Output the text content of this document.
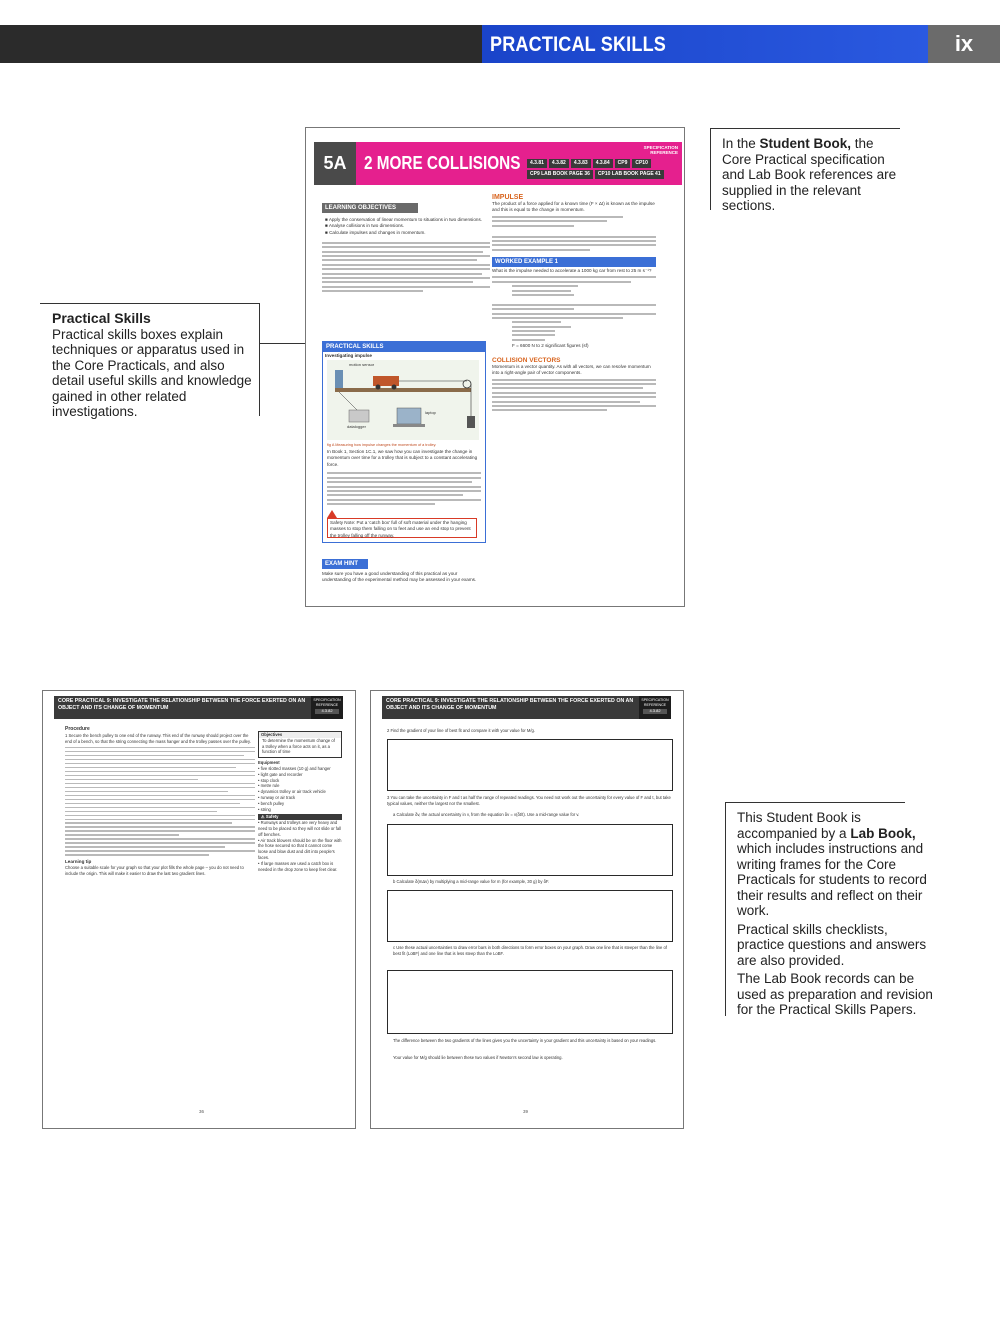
PRACTICAL SKILLS	ix
In the Student Book, the Core Practical specification and Lab Book references are supplied in the relevant sections.
Practical Skills
Practical skills boxes explain techniques or apparatus used in the Core Practicals, and also detail useful skills and knowledge gained in other related investigations.
This Student Book is accompanied by a Lab Book, which includes instructions and writing frames for the Core Practicals for students to record their results and reflect on their work.
Practical skills checklists, practice questions and answers are also provided.
The Lab Book records can be used as preparation and revision for the Practical Skills Papers.
5A 2 MORE COLLISIONS
SPECIFICATION REFERENCE
4.3.81	4.3.82	4.3.83	4.3.84	CP9	CP10
CP9 LAB BOOK PAGE 36	CP10 LAB BOOK PAGE 41
LEARNING OBJECTIVES
■ Apply the conservation of linear momentum to situations in two dimensions.
■ Analyse collisions in two dimensions.
■ Calculate impulses and changes in momentum.
PRACTICAL SKILLS
Investigating impulse
motion sensor
datalogger
laptop
fig A Measuring how impulse changes the momentum of a trolley.
In Book 1, Section 1C.1, we saw how you can investigate the change in momentum over time for a trolley that is subject to a constant accelerating force.
Safety Note: Put a 'catch box' full of soft material under the hanging masses to stop them falling on to feet and use an end stop to prevent the trolley falling off the runway.
EXAM HINT
Make sure you have a good understanding of this practical as your understanding of the experimental method may be assessed in your exams.
IMPULSE
The product of a force applied for a known time (F × Δt) is known as the impulse and this is equal to the change in momentum.
WORKED EXAMPLE 1
What is the impulse needed to accelerate a 1000 kg car from rest to 25 m s⁻¹?
F = 6600 N to 2 significant figures (sf)
COLLISION VECTORS
Momentum is a vector quantity. As with all vectors, we can resolve momentum into a right-angle pair of vector components.
CORE PRACTICAL 9: INVESTIGATE THE RELATIONSHIP BETWEEN THE FORCE EXERTED ON AN OBJECT AND ITS CHANGE OF MOMENTUM
SPECIFICATION REFERENCE
4.3.82
Procedure
1 Secure the bench pulley to one end of the runway. This end of the runway should project over the end of a bench, so that the string connecting the mass hanger and the trolley passes over the pulley.
Learning tip
Choose a suitable scale for your graph so that your plot fills the whole page – you do not need to include the origin. This will make it easier to draw the last two gradient lines.
Objectives
To determine the momentum change of a trolley when a force acts on it, as a function of time
Equipment
• five slotted masses (10 g) and hanger
• light gate and recorder
• stop clock
• metre rule
• dynamics trolley or air track vehicle
• runway or air track
• bench pulley
• string
⚠ Safety
• Runways and trolleys are very heavy and need to be placed so they will not slide or fall off benches.
• Air track blowers should be on the floor with the hose secured so that it cannot come loose and blow dust and dirt into people's faces.
• If large masses are used a catch box is needed in the drop zone to keep feet clear.
36
CORE PRACTICAL 9: INVESTIGATE THE RELATIONSHIP BETWEEN THE FORCE EXERTED ON AN OBJECT AND ITS CHANGE OF MOMENTUM
SPECIFICATION REFERENCE
4.3.82
2 Find the gradient of your line of best fit and compare it with your value for M/g.
3 You can take the uncertainty in F and t as half the range of repeated readings. You need not work out the uncertainty for every value of F and t, but take typical values, neither the largest nor the smallest.
a Calculate δv, the actual uncertainty in v, from the equation δv = v(δt/t). Use a mid-range value for v.
b Calculate δ(mΔv) by multiplying a mid-range value for m (for example, 30 g) by δF.
c Use these actual uncertainties to draw error bars in both directions to form error boxes on your graph. Draw one line that is steeper than the line of best fit (LoBF) and one line that is less steep than the LoBF.
The difference between the two gradients of the lines gives you the uncertainty in your gradient and this uncertainty is based on your readings.
Your value for M/g should lie between these two values if Newton's second law is operating.
39
